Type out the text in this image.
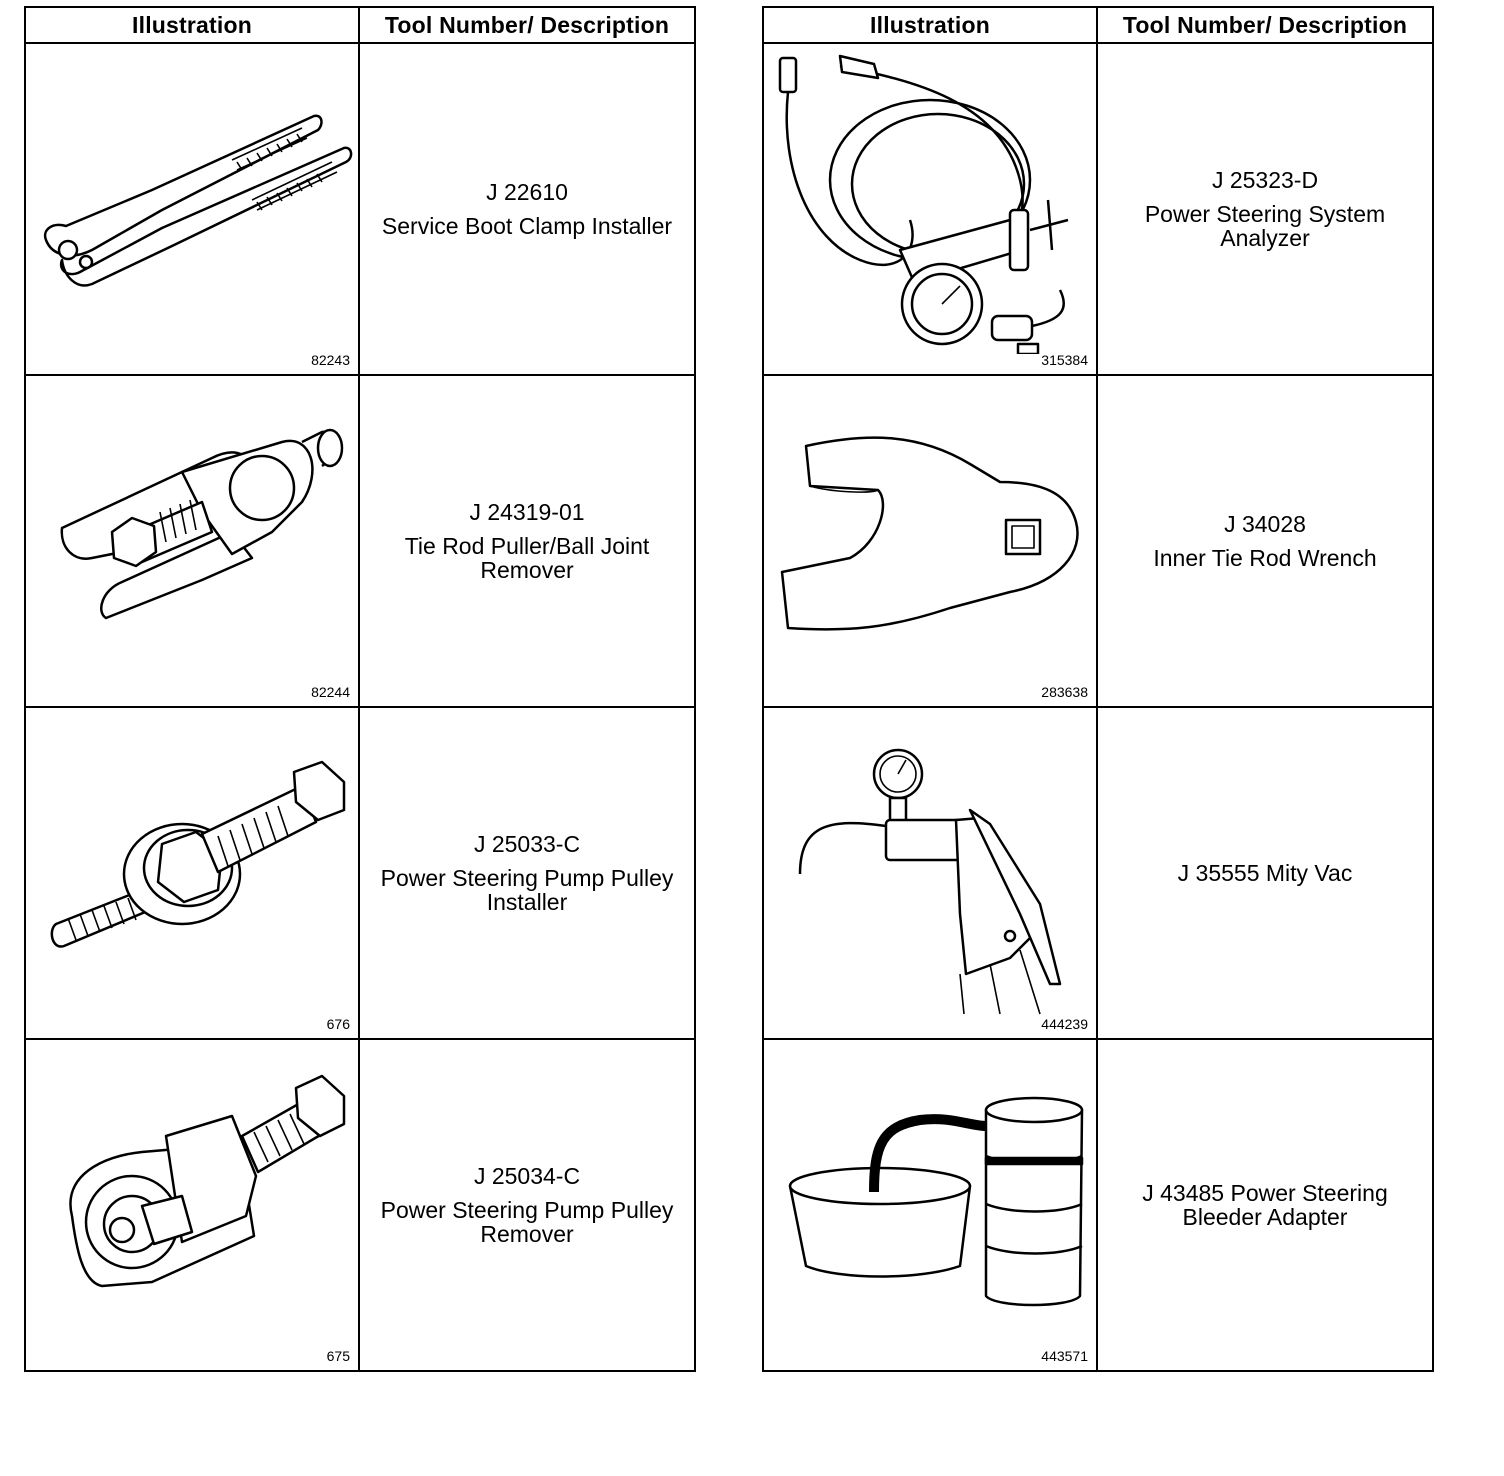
Illustration	Tool Number/ Description

82243	J 22610
Service Boot Clamp Installer

82244	J 24319-01
Tie Rod Puller/Ball Joint Remover

676	J 25033-C
Power Steering Pump Pulley Installer

675	J 25034-C
Power Steering Pump Pulley Remover
Illustration	Tool Number/ Description

315384	J 25323-D
Power Steering System Analyzer

283638	J 34028
Inner Tie Rod Wrench

444239	J 35555 Mity Vac

443571	J 43485 Power Steering Bleeder Adapter
